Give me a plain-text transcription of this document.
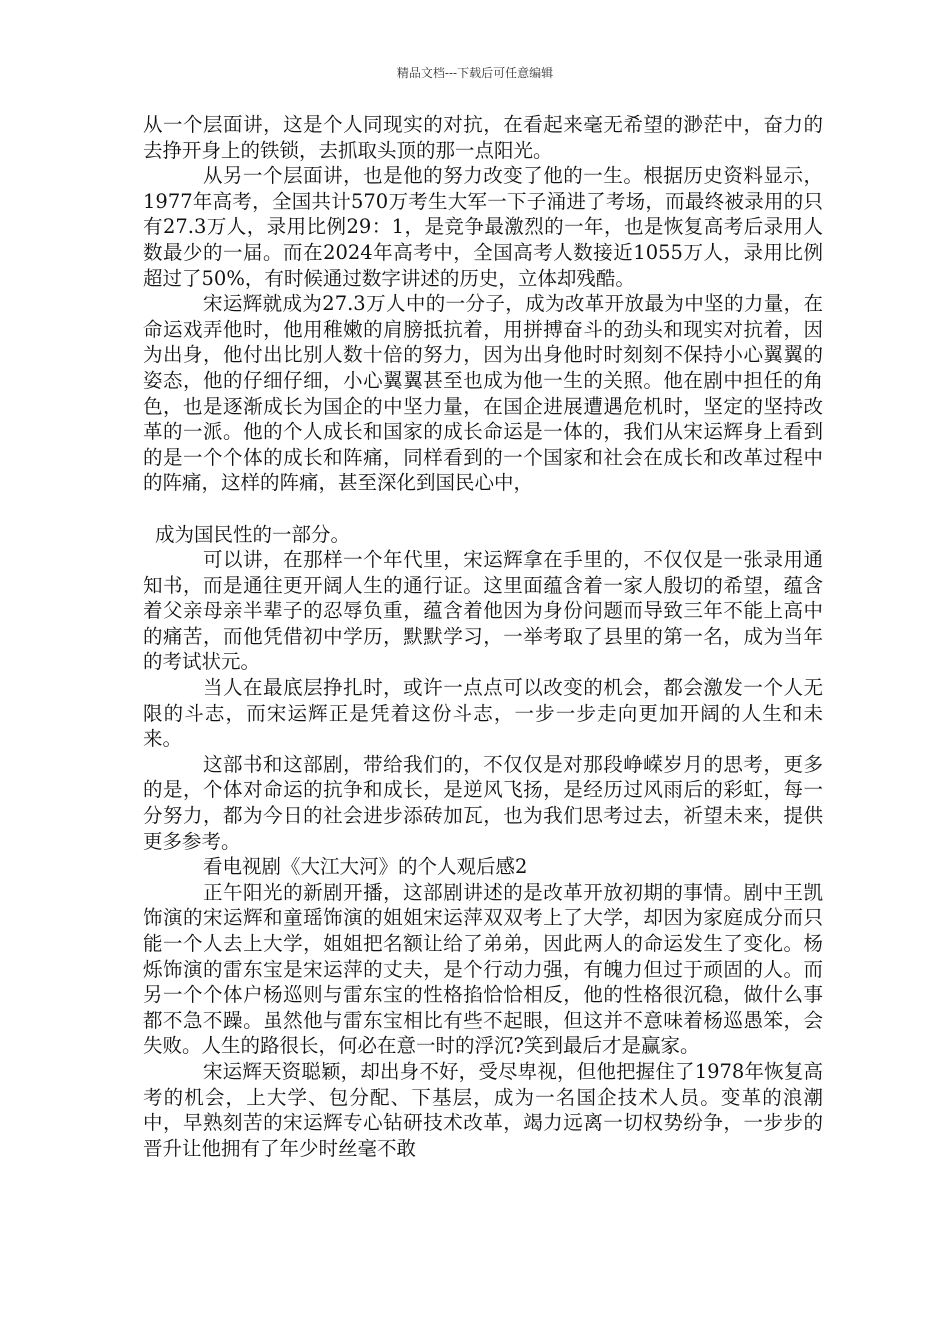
精品文档---下载后可任意编辑

从一个层面讲，这是个人同现实的对抗，在看起来毫无希望的渺茫中，奋力的去挣开身上的铁锁，去抓取头顶的那一点阳光。

从另一个层面讲，也是他的努力改变了他的一生。根据历史资料显示，1977年高考，全国共计570万考生大军一下子涌进了考场，而最终被录用的只有27.3万人，录用比例29：1，是竞争最激烈的一年，也是恢复高考后录用人数最少的一届。而在2024年高考中，全国高考人数接近1055万人，录用比例超过了50%，有时候通过数字讲述的历史，立体却残酷。

宋运辉就成为27.3万人中的一分子，成为改革开放最为中坚的力量，在命运戏弄他时，他用稚嫩的肩膀抵抗着，用拼搏奋斗的劲头和现实对抗着，因为出身，他付出比别人数十倍的努力，因为出身他时时刻刻不保持小心翼翼的姿态，他的仔细仔细，小心翼翼甚至也成为他一生的关照。他在剧中担任的角色，也是逐渐成长为国企的中坚力量，在国企进展遭遇危机时，坚定的坚持改革的一派。他的个人成长和国家的成长命运是一体的，我们从宋运辉身上看到的是一个个体的成长和阵痛，同样看到的一个国家和社会在成长和改革过程中的阵痛，这样的阵痛，甚至深化到国民心中，

成为国民性的一部分。

可以讲，在那样一个年代里，宋运辉拿在手里的，不仅仅是一张录用通知书，而是通往更开阔人生的通行证。这里面蕴含着一家人殷切的希望，蕴含着父亲母亲半辈子的忍辱负重，蕴含着他因为身份问题而导致三年不能上高中的痛苦，而他凭借初中学历，默默学习，一举考取了县里的第一名，成为当年的考试状元。

当人在最底层挣扎时，或许一点点可以改变的机会，都会激发一个人无限的斗志，而宋运辉正是凭着这份斗志，一步一步走向更加开阔的人生和未来。

这部书和这部剧，带给我们的，不仅仅是对那段峥嵘岁月的思考，更多的是，个体对命运的抗争和成长，是逆风飞扬，是经历过风雨后的彩虹，每一分努力，都为今日的社会进步添砖加瓦，也为我们思考过去，祈望未来，提供更多参考。

看电视剧《大江大河》的个人观后感2

正午阳光的新剧开播，这部剧讲述的是改革开放初期的事情。剧中王凯饰演的宋运辉和童瑶饰演的姐姐宋运萍双双考上了大学，却因为家庭成分而只能一个人去上大学，姐姐把名额让给了弟弟，因此两人的命运发生了变化。杨烁饰演的雷东宝是宋运萍的丈夫，是个行动力强，有魄力但过于顽固的人。而另一个个体户杨巡则与雷东宝的性格掐恰恰相反，他的性格很沉稳，做什么事都不急不躁。虽然他与雷东宝相比有些不起眼，但这并不意味着杨巡愚笨，会失败。人生的路很长，何必在意一时的浮沉?笑到最后才是赢家。

宋运辉天资聪颖，却出身不好，受尽卑视，但他把握住了1978年恢复高考的机会，上大学、包分配、下基层，成为一名国企技术人员。变革的浪潮中，早熟刻苦的宋运辉专心钻研技术改革，竭力远离一切权势纷争，一步步的晋升让他拥有了年少时丝毫不敢
